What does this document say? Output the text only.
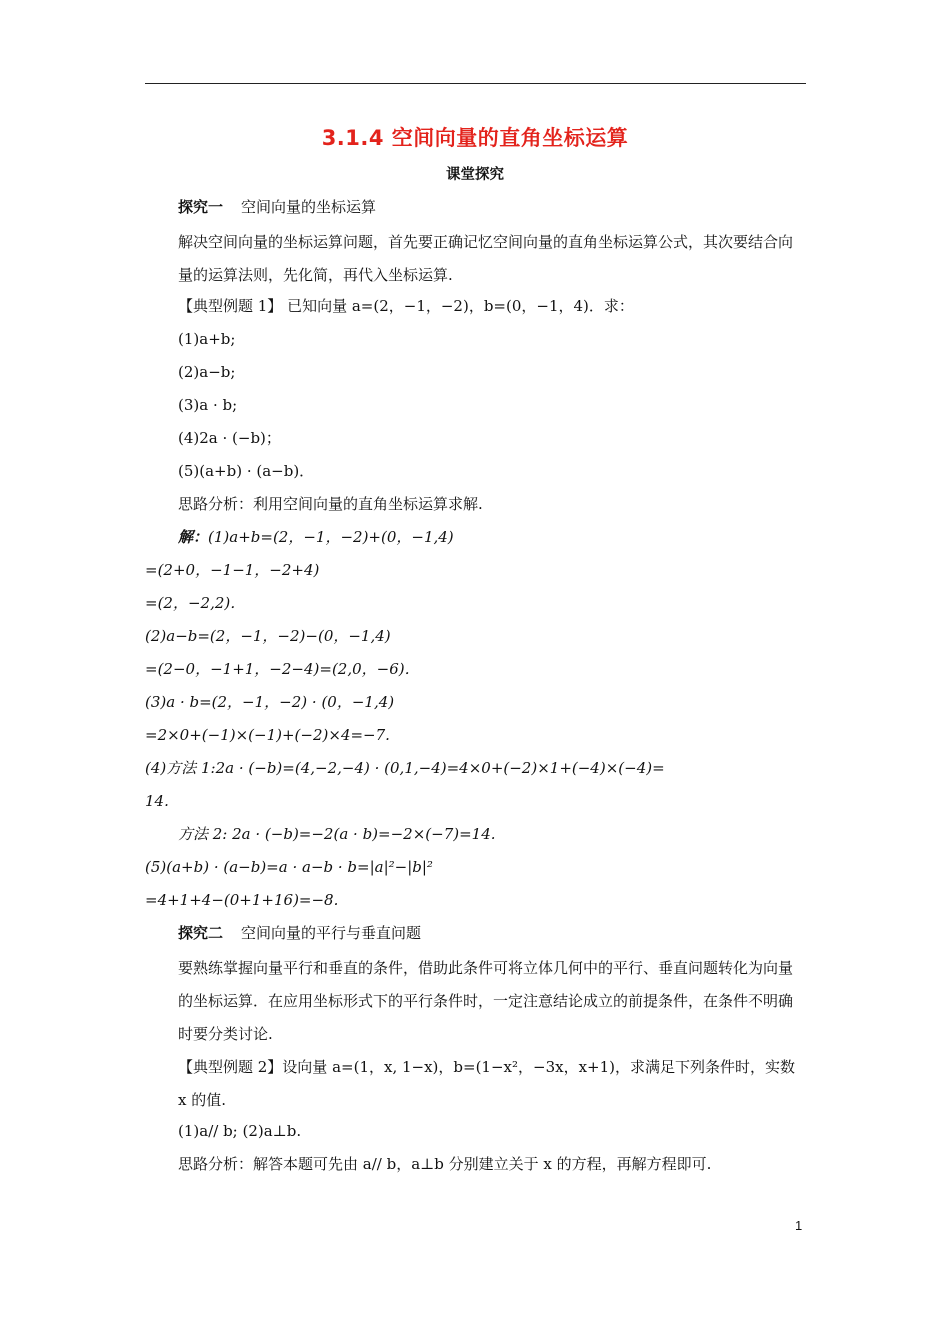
3.1.4 空间向量的直角坐标运算
课堂探究
探究一 空间向量的坐标运算
解决空间向量的坐标运算问题，首先要正确记忆空间向量的直角坐标运算公式，其次要结合向量的运算法则，先化简，再代入坐标运算.
【典型例题 1】 已知向量 a=(2，−1，−2)，b=(0，−1，4)．求：
(1)a+b;
(2)a−b;
(3)a · b;
(4)2a · (−b)；
(5)(a+b) · (a−b)．
思路分析：利用空间向量的直角坐标运算求解.
解：(1)a+b=(2，−1，−2)+(0，−1,4)
=(2+0，−1−1，−2+4)
=(2，−2,2)．
(2)a−b=(2，−1，−2)−(0，−1,4)
=(2−0，−1+1，−2−4)=(2,0，−6)．
(3)a · b=(2，−1，−2) · (0，−1,4)
=2×0+(−1)×(−1)+(−2)×4=−7.
(4)方法 1:2a · (−b)=(4,−2,−4) · (0,1,−4)=4×0+(−2)×1+(−4)×(−4)=
14.
方法 2: 2a · (−b)=−2(a · b)=−2×(−7)=14.
(5)(a+b) · (a−b)=a · a−b · b=|a|²−|b|²
=4+1+4−(0+1+16)=−8.
探究二 空间向量的平行与垂直问题
要熟练掌握向量平行和垂直的条件，借助此条件可将立体几何中的平行、垂直问题转化为向量的坐标运算．在应用坐标形式下的平行条件时，一定注意结论成立的前提条件，在条件不明确时要分类讨论.
【典型例题 2】设向量 a=(1，x, 1−x)，b=(1−x²，−3x，x+1)，求满足下列条件时，实数 x 的值.
(1)a// b; (2)a⊥b.
思路分析：解答本题可先由 a// b，a⊥b 分别建立关于 x 的方程，再解方程即可.
1
